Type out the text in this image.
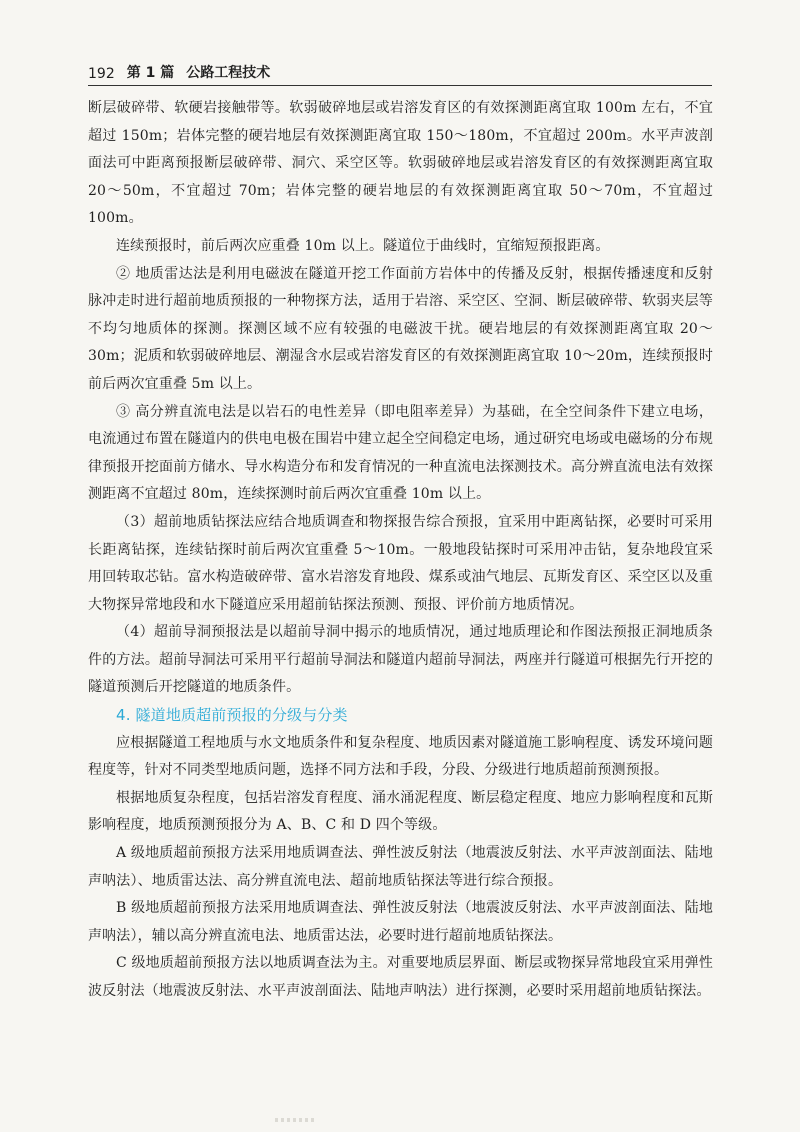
192 第 1 篇 公路工程技术

断层破碎带、软硬岩接触带等。软弱破碎地层或岩溶发育区的有效探测距离宜取 100m 左右，不宜超过 150m；岩体完整的硬岩地层有效探测距离宜取 150～180m，不宜超过 200m。水平声波剖面法可中距离预报断层破碎带、洞穴、采空区等。软弱破碎地层或岩溶发育区的有效探测距离宜取 20～50m，不宜超过 70m；岩体完整的硬岩地层的有效探测距离宜取 50～70m，不宜超过 100m。

连续预报时，前后两次应重叠 10m 以上。隧道位于曲线时，宜缩短预报距离。

② 地质雷达法是利用电磁波在隧道开挖工作面前方岩体中的传播及反射，根据传播速度和反射脉冲走时进行超前地质预报的一种物探方法，适用于岩溶、采空区、空洞、断层破碎带、软弱夹层等不均匀地质体的探测。探测区域不应有较强的电磁波干扰。硬岩地层的有效探测距离宜取 20～30m；泥质和软弱破碎地层、潮湿含水层或岩溶发育区的有效探测距离宜取 10～20m，连续预报时前后两次宜重叠 5m 以上。

③ 高分辨直流电法是以岩石的电性差异（即电阻率差异）为基础，在全空间条件下建立电场，电流通过布置在隧道内的供电电极在围岩中建立起全空间稳定电场，通过研究电场或电磁场的分布规律预报开挖面前方储水、导水构造分布和发育情况的一种直流电法探测技术。高分辨直流电法有效探测距离不宜超过 80m，连续探测时前后两次宜重叠 10m 以上。

（3）超前地质钻探法应结合地质调查和物探报告综合预报，宜采用中距离钻探，必要时可采用长距离钻探，连续钻探时前后两次宜重叠 5～10m。一般地段钻探时可采用冲击钻，复杂地段宜采用回转取芯钻。富水构造破碎带、富水岩溶发育地段、煤系或油气地层、瓦斯发育区、采空区以及重大物探异常地段和水下隧道应采用超前钻探法预测、预报、评价前方地质情况。

（4）超前导洞预报法是以超前导洞中揭示的地质情况，通过地质理论和作图法预报正洞地质条件的方法。超前导洞法可采用平行超前导洞法和隧道内超前导洞法，两座并行隧道可根据先行开挖的隧道预测后开挖隧道的地质条件。

4. 隧道地质超前预报的分级与分类

应根据隧道工程地质与水文地质条件和复杂程度、地质因素对隧道施工影响程度、诱发环境问题程度等，针对不同类型地质问题，选择不同方法和手段，分段、分级进行地质超前预测预报。

根据地质复杂程度，包括岩溶发育程度、涌水涌泥程度、断层稳定程度、地应力影响程度和瓦斯影响程度，地质预测预报分为 A、B、C 和 D 四个等级。

A 级地质超前预报方法采用地质调查法、弹性波反射法（地震波反射法、水平声波剖面法、陆地声呐法）、地质雷达法、高分辨直流电法、超前地质钻探法等进行综合预报。

B 级地质超前预报方法采用地质调查法、弹性波反射法（地震波反射法、水平声波剖面法、陆地声呐法），辅以高分辨直流电法、地质雷达法，必要时进行超前地质钻探法。

C 级地质超前预报方法以地质调查法为主。对重要地质层界面、断层或物探异常地段宜采用弹性波反射法（地震波反射法、水平声波剖面法、陆地声呐法）进行探测，必要时采用超前地质钻探法。
